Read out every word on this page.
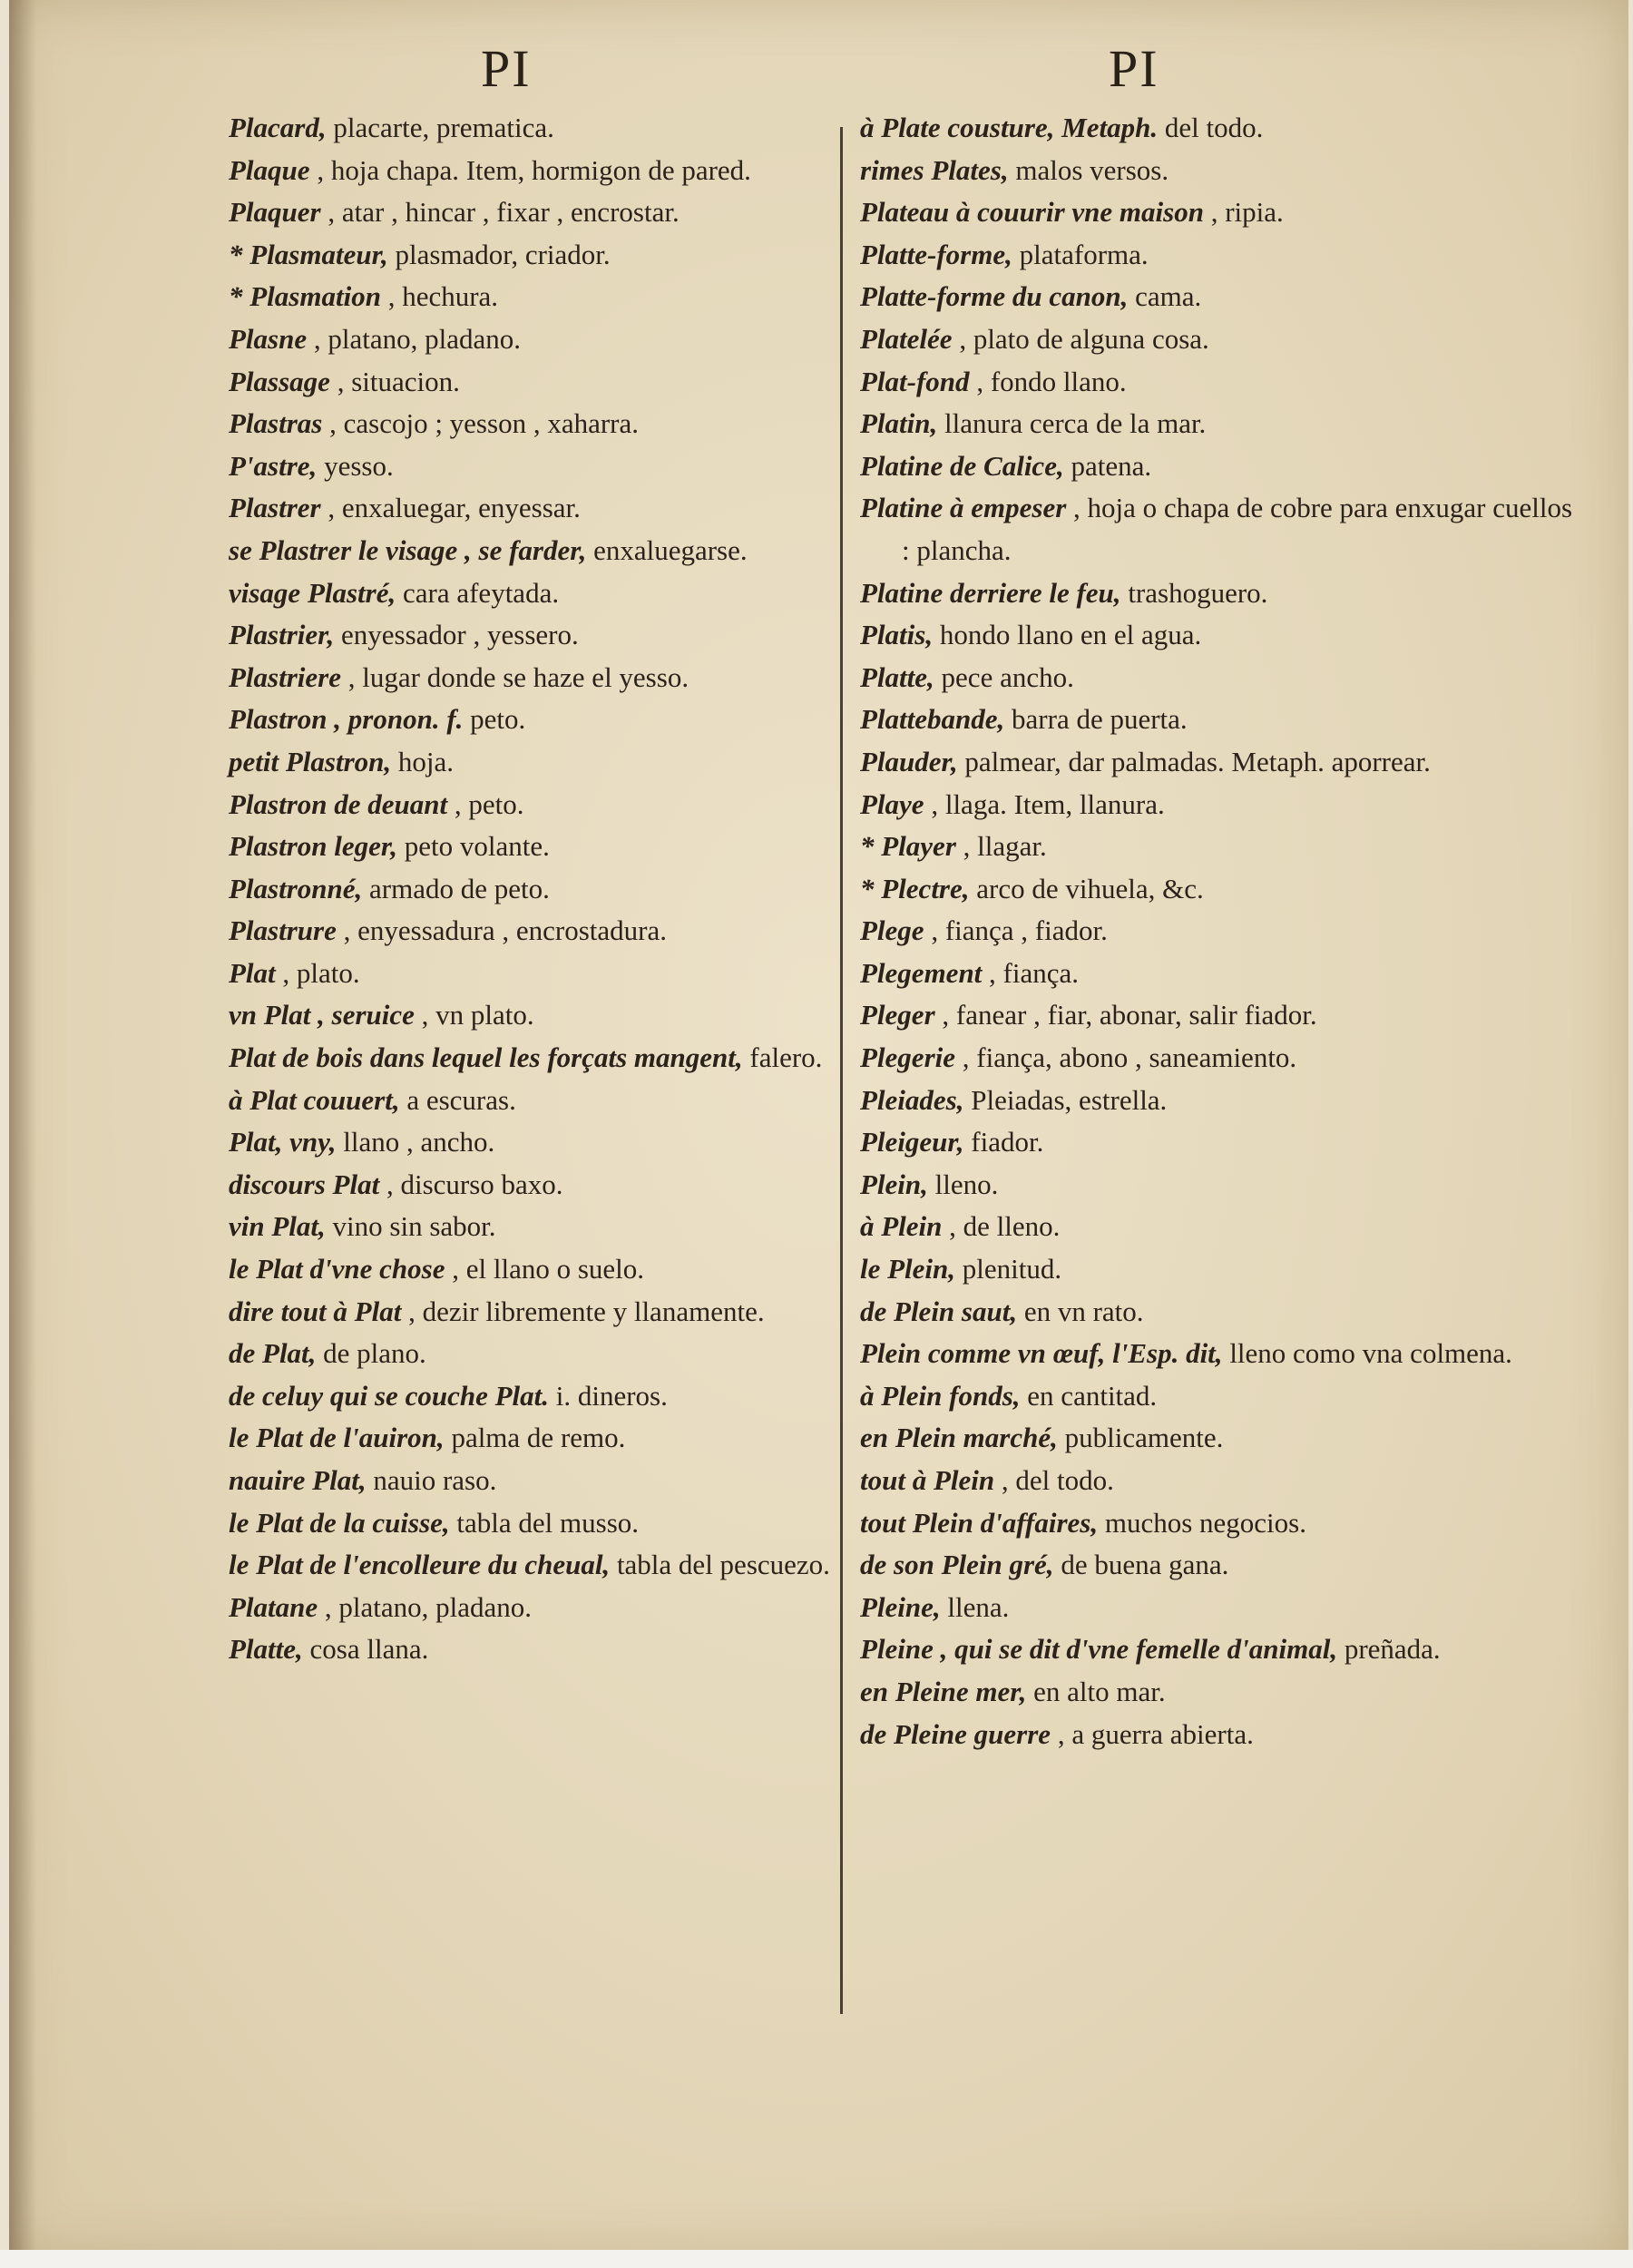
PI	PI

Placard, placarte, prematica.

Plaque , hoja chapa. Item, hormigon de pared.

Plaquer , atar , hincar , fixar , encrostar.

* Plasmateur, plasmador, criador.

* Plasmation , hechura.

Plasne , platano, pladano.

Plassage , situacion.

Plastras , cascojo ; yesson , xaharra.

P'astre, yesso.

Plastrer , enxaluegar, enyessar.

se Plastrer le visage , se farder, enxaluegarse.

visage Plastré, cara afeytada.

Plastrier, enyessador , yessero.

Plastriere , lugar donde se haze el yesso.

Plastron , pronon. f. peto.

petit Plastron, hoja.

Plastron de deuant , peto.

Plastron leger, peto volante.

Plastronné, armado de peto.

Plastrure , enyessadura , encrostadura.

Plat , plato.

vn Plat , seruice , vn plato.

Plat de bois dans lequel les forçats mangent, falero.

à Plat couuert, a escuras.

Plat, vny, llano , ancho.

discours Plat , discurso baxo.

vin Plat, vino sin sabor.

le Plat d'vne chose , el llano o suelo.

dire tout à Plat , dezir libremente y llanamente.

de Plat, de plano.

de celuy qui se couche Plat. i. dineros.

le Plat de l'auiron, palma de remo.

nauire Plat, nauio raso.

le Plat de la cuisse, tabla del musso.

le Plat de l'encolleure du cheual, tabla del pescuezo.

Platane , platano, pladano.

Platte, cosa llana.

à Plate cousture, Metaph. del todo.

rimes Plates, malos versos.

Plateau à couurir vne maison , ripia.

Platte-forme, plataforma.

Platte-forme du canon, cama.

Platelée , plato de alguna cosa.

Plat-fond , fondo llano.

Platin, llanura cerca de la mar.

Platine de Calice, patena.

Platine à empeser , hoja o chapa de cobre para enxugar cuellos : plancha.

Platine derriere le feu, trashoguero.

Platis, hondo llano en el agua.

Platte, pece ancho.

Plattebande, barra de puerta.

Plauder, palmear, dar palmadas. Metaph. aporrear.

Playe , llaga. Item, llanura.

* Player , llagar.

* Plectre, arco de vihuela, &c.

Plege , fiança , fiador.

Plegement , fiança.

Pleger , fanear , fiar, abonar, salir fiador.

Plegerie , fiança, abono , saneamiento.

Pleiades, Pleiadas, estrella.

Pleigeur, fiador.

Plein, lleno.

à Plein , de lleno.

le Plein, plenitud.

de Plein saut, en vn rato.

Plein comme vn œuf, l'Esp. dit, lleno como vna colmena.

à Plein fonds, en cantitad.

en Plein marché, publicamente.

tout à Plein , del todo.

tout Plein d'affaires, muchos negocios.

de son Plein gré, de buena gana.

Pleine, llena.

Pleine , qui se dit d'vne femelle d'animal, preñada.

en Pleine mer, en alto mar.

de Pleine guerre , a guerra abierta.
